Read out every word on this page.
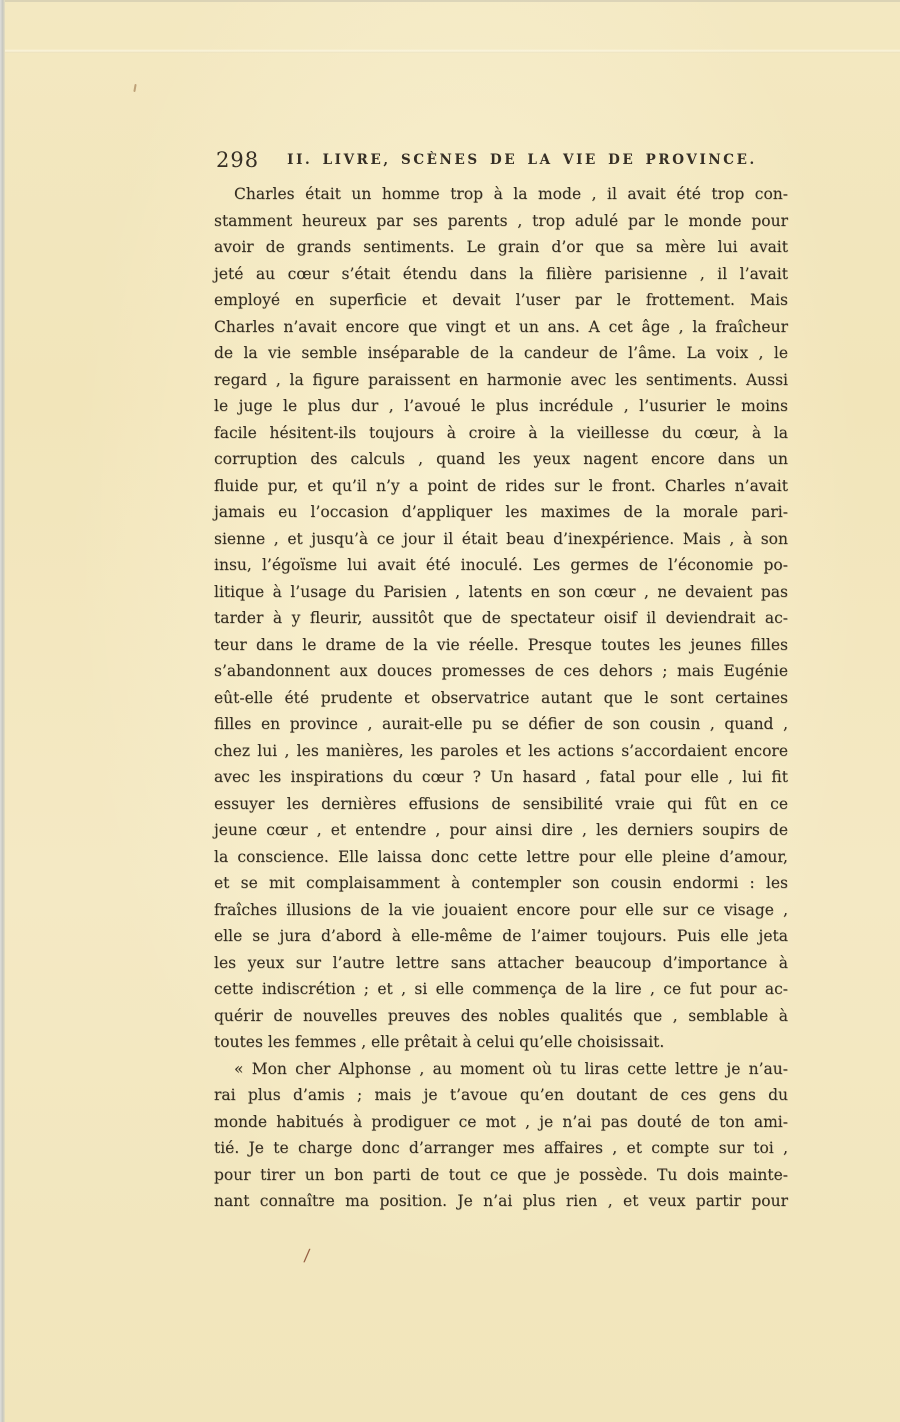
298	II. LIVRE, SCÈNES DE LA VIE DE PROVINCE.
Charles était un homme trop à la mode , il avait été trop con-
stamment heureux par ses parents , trop adulé par le monde pour
avoir de grands sentiments. Le grain d’or que sa mère lui avait
jeté au cœur s’était étendu dans la filière parisienne , il l’avait
employé en superficie et devait l’user par le frottement. Mais
Charles n’avait encore que vingt et un ans. A cet âge , la fraîcheur
de la vie semble inséparable de la candeur de l’âme. La voix , le
regard , la figure paraissent en harmonie avec les sentiments. Aussi
le juge le plus dur , l’avoué le plus incrédule , l’usurier le moins
facile hésitent-ils toujours à croire à la vieillesse du cœur, à la
corruption des calculs , quand les yeux nagent encore dans un
fluide pur, et qu’il n’y a point de rides sur le front. Charles n’avait
jamais eu l’occasion d’appliquer les maximes de la morale pari-
sienne , et jusqu’à ce jour il était beau d’inexpérience. Mais , à son
insu, l’égoïsme lui avait été inoculé. Les germes de l’économie po-
litique à l’usage du Parisien , latents en son cœur , ne devaient pas
tarder à y fleurir, aussitôt que de spectateur oisif il deviendrait ac-
teur dans le drame de la vie réelle. Presque toutes les jeunes filles
s’abandonnent aux douces promesses de ces dehors ; mais Eugénie
eût-elle été prudente et observatrice autant que le sont certaines
filles en province , aurait-elle pu se défier de son cousin , quand ,
chez lui , les manières, les paroles et les actions s’accordaient encore
avec les inspirations du cœur ? Un hasard , fatal pour elle , lui fit
essuyer les dernières effusions de sensibilité vraie qui fût en ce
jeune cœur , et entendre , pour ainsi dire , les derniers soupirs de
la conscience. Elle laissa donc cette lettre pour elle pleine d’amour,
et se mit complaisamment à contempler son cousin endormi : les
fraîches illusions de la vie jouaient encore pour elle sur ce visage ,
elle se jura d’abord à elle-même de l’aimer toujours. Puis elle jeta
les yeux sur l’autre lettre sans attacher beaucoup d’importance à
cette indiscrétion ; et , si elle commença de la lire , ce fut pour ac-
quérir de nouvelles preuves des nobles qualités que , semblable à
toutes les femmes , elle prêtait à celui qu’elle choisissait.
« Mon cher Alphonse , au moment où tu liras cette lettre je n’au-
rai plus d’amis ; mais je t’avoue qu’en doutant de ces gens du
monde habitués à prodiguer ce mot , je n’ai pas douté de ton ami-
tié. Je te charge donc d’arranger mes affaires , et compte sur toi ,
pour tirer un bon parti de tout ce que je possède. Tu dois mainte-
nant connaître ma position. Je n’ai plus rien , et veux partir pour
/
